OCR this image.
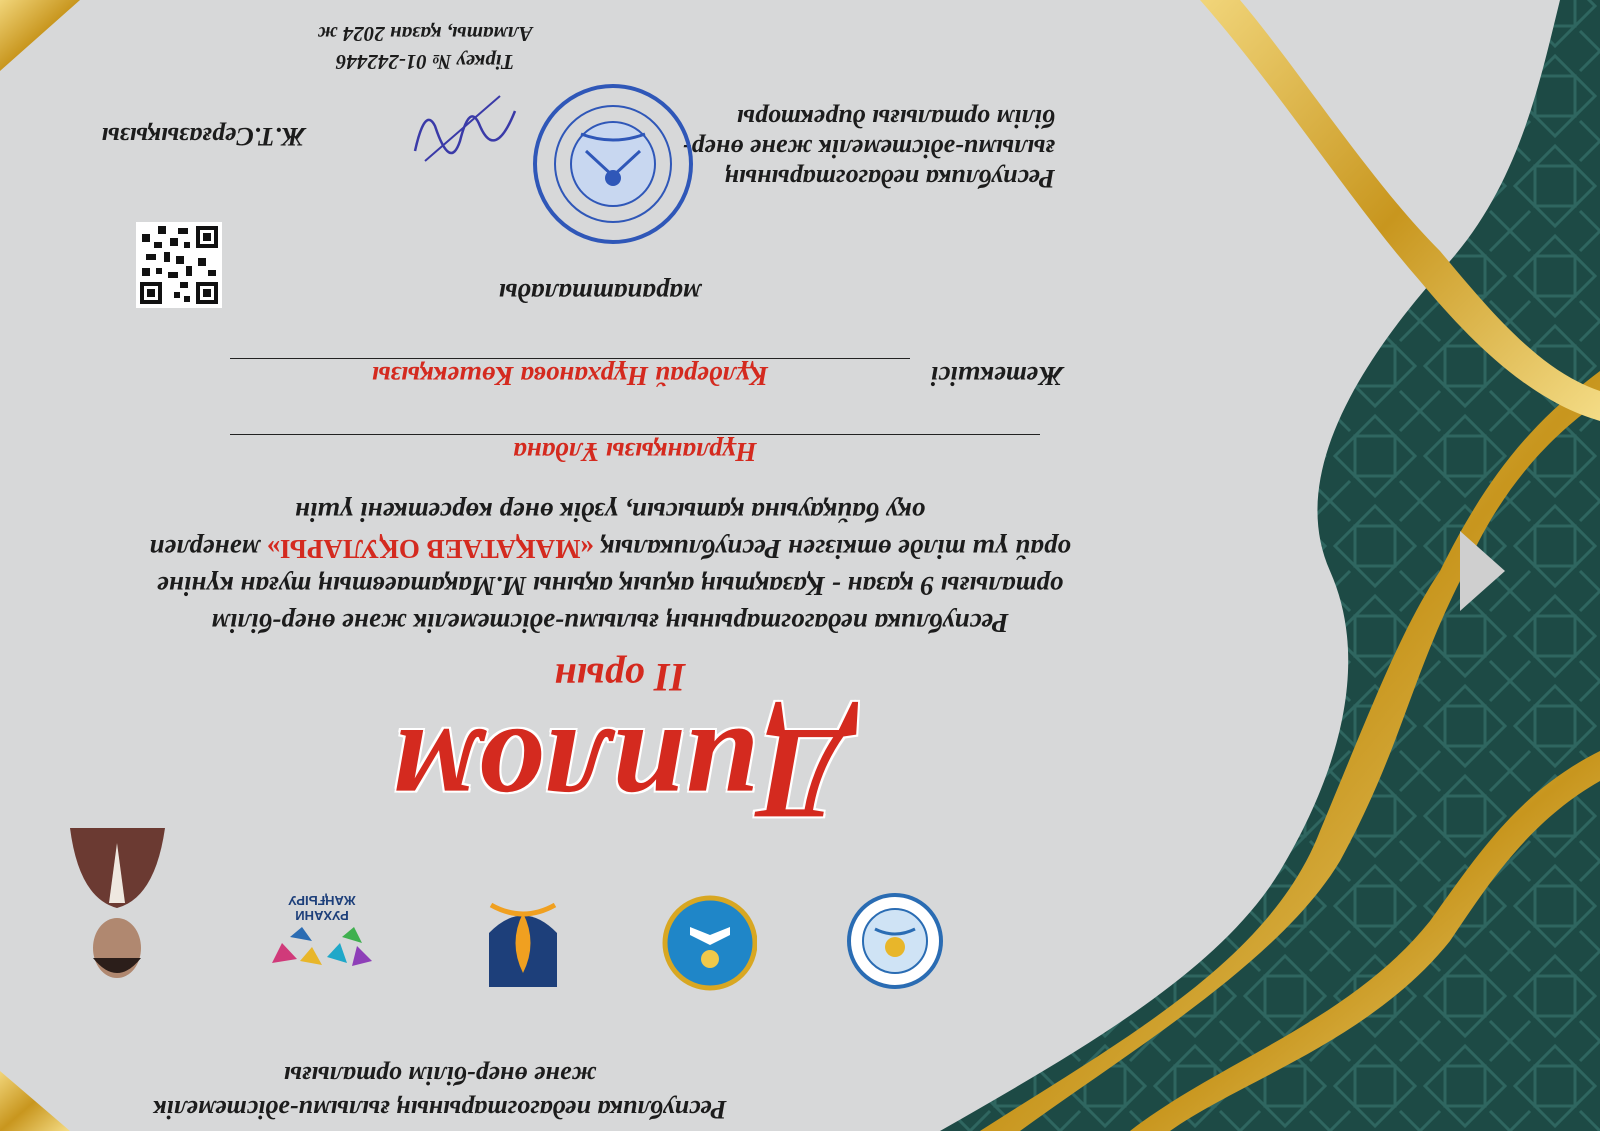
Республика педагогтарының ғылыми-әдістемелік
және өнер-білім орталығы
РУХАНИ
ЖАҢҒЫРУ
Диплом
II орын
Республика педагогтарының ғылыми-әдістемелік және өнер-білім
орталығы 9 қазан - Қазақтың ақиық ақыны М.Мақатаевтың туған күніне
орай үш тілде өткізген Республикалық «МАҚАТАЕВ ОҚУЛАРЫ» мәнерлеп
оқу байқауына қатысып, үздік өнер көрсеткені үшін
Нұрланқызы Ұлдана
Жетекшісі
Құлдерай Нұрханова Көшекқызы
марапатталады
Республика педагогтарының
ғылыми-әдістемелік және өнер-
білім орталығы директоры
Ж.Т.Серғазықызы
Тіркеу № 01-242446
Алматы, қазан 2024 ж
